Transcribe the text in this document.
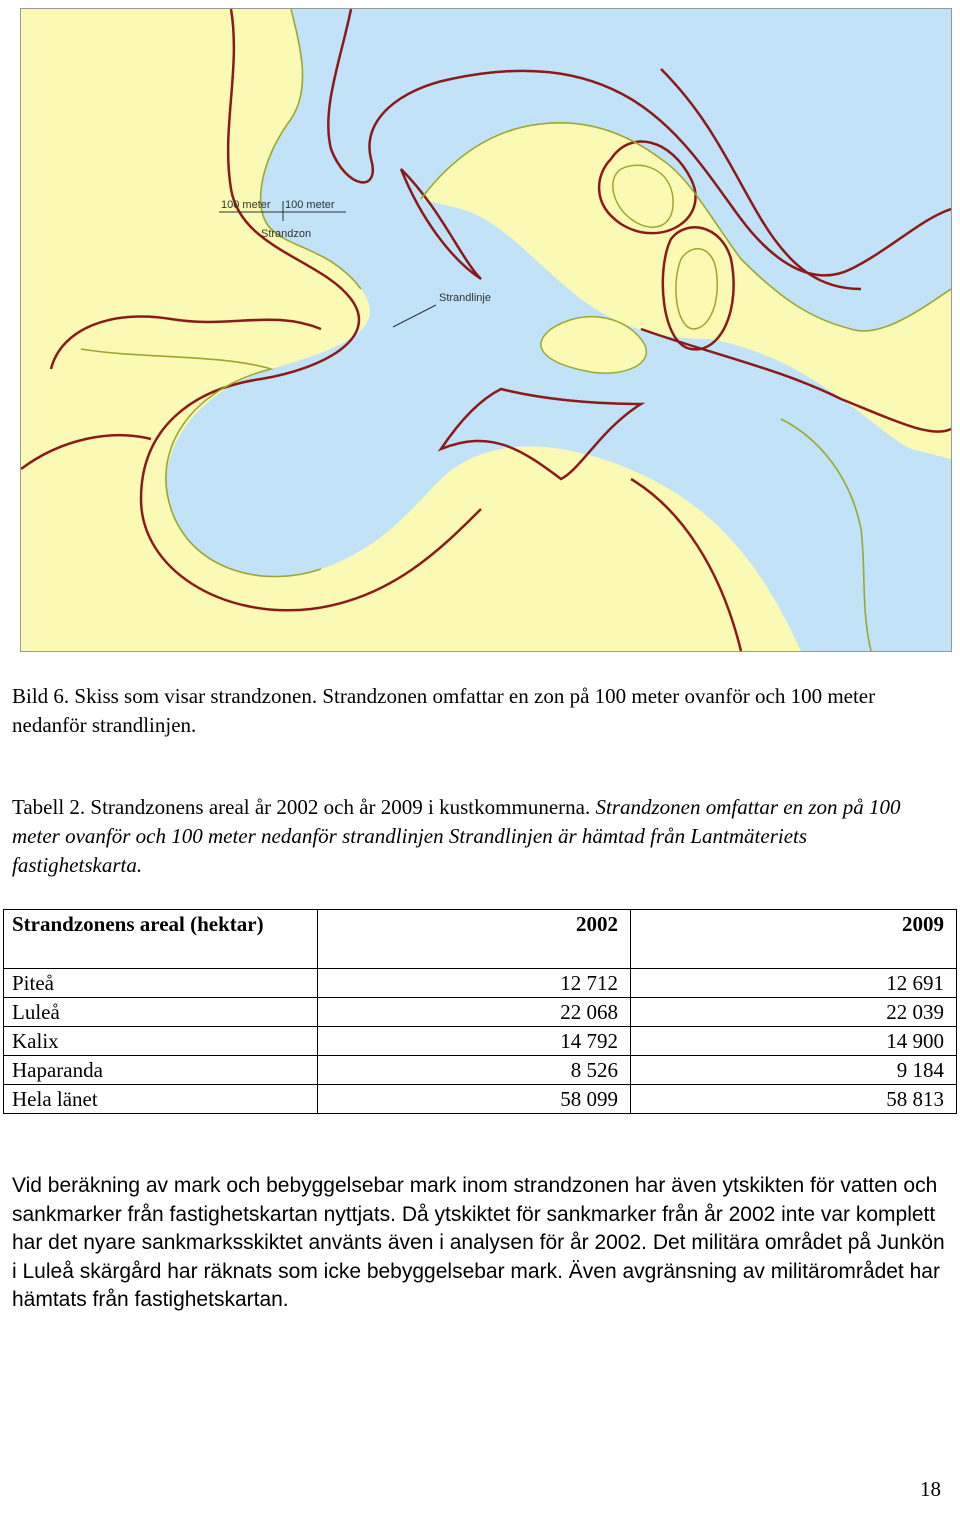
100 meter 100 meter
Strandzon
Strandlinje
Bild 6. Skiss som visar strandzonen. Strandzonen omfattar en zon på 100 meter ovanför och 100 meter nedanför strandlinjen.
Tabell 2. Strandzonens areal år 2002 och år 2009 i kustkommunerna. Strandzonen omfattar en zon på 100 meter ovanför och 100 meter nedanför strandlinjen Strandlinjen är hämtad från Lantmäteriets fastighetskarta.
Strandzonens areal (hektar)	2002	2009
Piteå	12 712	12 691
Luleå	22 068	22 039
Kalix	14 792	14 900
Haparanda	8 526	9 184
Hela länet	58 099	58 813
Vid beräkning av mark och bebyggelsebar mark inom strandzonen har även ytskikten för vatten och sankmarker från fastighetskartan nyttjats. Då ytskiktet för sankmarker från år 2002 inte var komplett har det nyare sankmarksskiktet använts även i analysen för år 2002. Det militära området på Junkön i Luleå skärgård har räknats som icke bebyggelsebar mark. Även avgränsning av militärområdet har hämtats från fastighetskartan.
18
